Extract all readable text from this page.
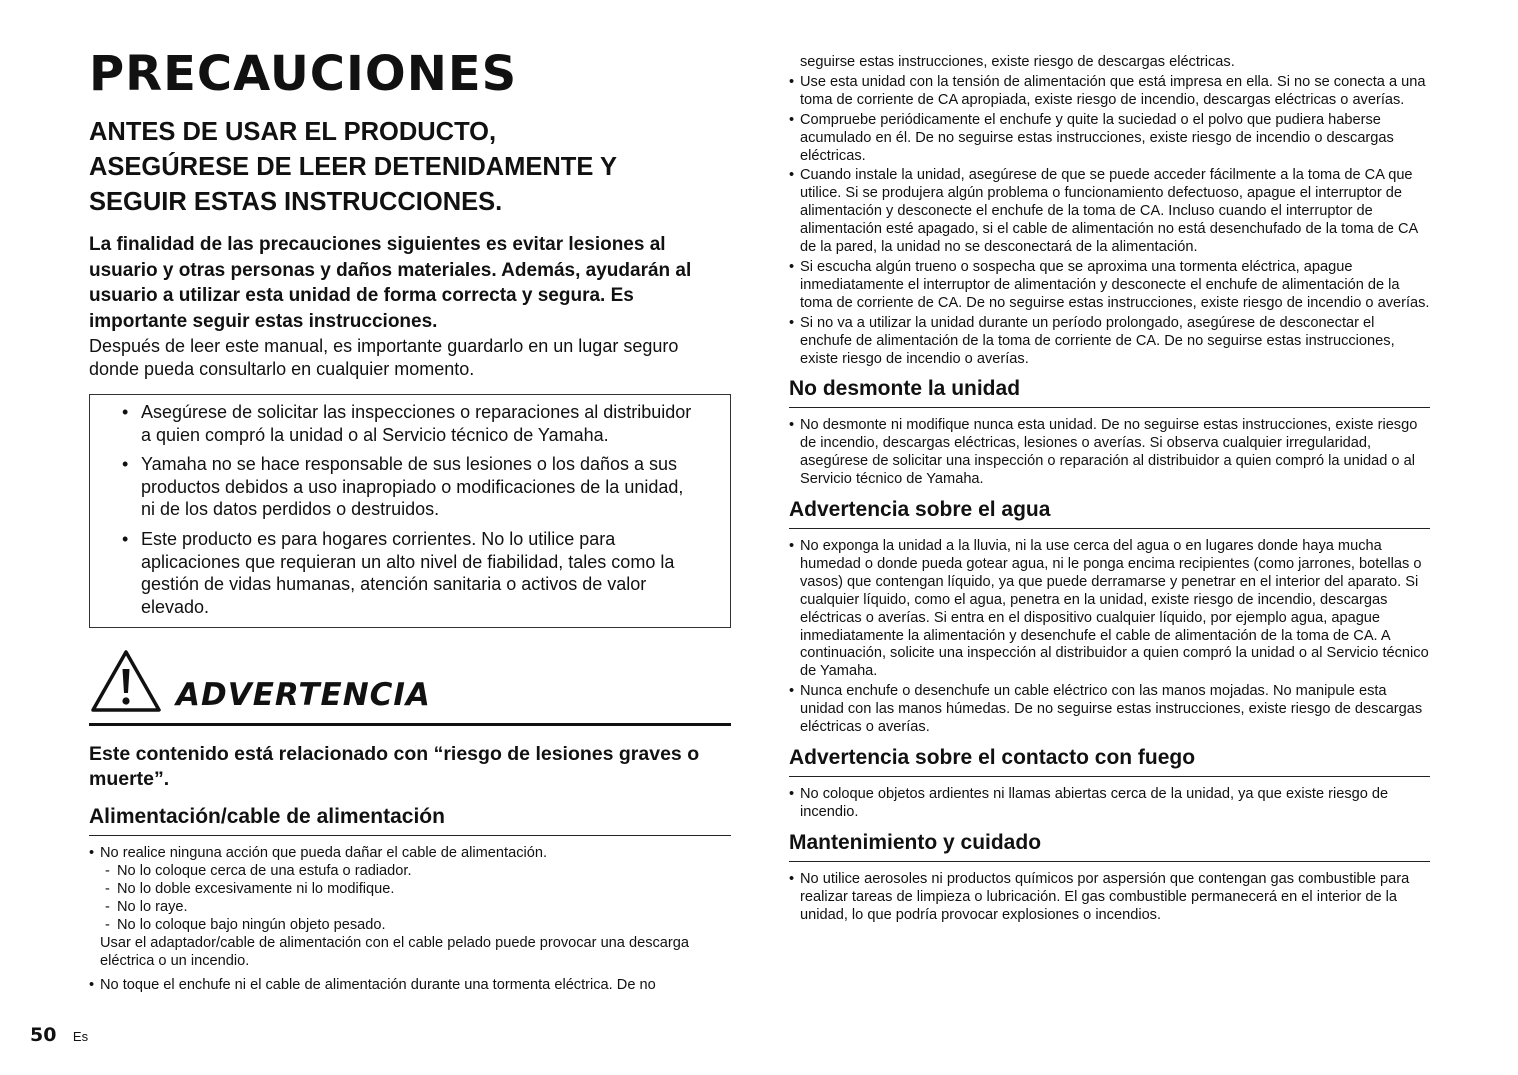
PRECAUCIONES
ANTES DE USAR EL PRODUCTO,
ASEGÚRESE DE LEER DETENIDAMENTE Y
SEGUIR ESTAS INSTRUCCIONES.

La finalidad de las precauciones siguientes es evitar lesiones al usuario y otras personas y daños materiales. Además, ayudarán al usuario a utilizar esta unidad de forma correcta y segura. Es importante seguir estas instrucciones.

Después de leer este manual, es importante guardarlo en un lugar seguro donde pueda consultarlo en cualquier momento.

• Asegúrese de solicitar las inspecciones o reparaciones al distribuidor a quien compró la unidad o al Servicio técnico de Yamaha.
• Yamaha no se hace responsable de sus lesiones o los daños a sus productos debidos a uso inapropiado o modificaciones de la unidad, ni de los datos perdidos o destruidos.
• Este producto es para hogares corrientes. No lo utilice para aplicaciones que requieran un alto nivel de fiabilidad, tales como la gestión de vidas humanas, atención sanitaria o activos de valor elevado.
ADVERTENCIA

Este contenido está relacionado con “riesgo de lesiones graves o muerte”.

Alimentación/cable de alimentación
• No realice ninguna acción que pueda dañar el cable de alimentación.
- No lo coloque cerca de una estufa o radiador.
- No lo doble excesivamente ni lo modifique.
- No lo raye.
- No lo coloque bajo ningún objeto pesado.
Usar el adaptador/cable de alimentación con el cable pelado puede provocar una descarga eléctrica o un incendio.
• No toque el enchufe ni el cable de alimentación durante una tormenta eléctrica. De no

seguirse estas instrucciones, existe riesgo de descargas eléctricas.

• Use esta unidad con la tensión de alimentación que está impresa en ella. Si no se conecta a una toma de corriente de CA apropiada, existe riesgo de incendio, descargas eléctricas o averías.
• Compruebe periódicamente el enchufe y quite la suciedad o el polvo que pudiera haberse acumulado en él. De no seguirse estas instrucciones, existe riesgo de incendio o descargas eléctricas.
• Cuando instale la unidad, asegúrese de que se puede acceder fácilmente a la toma de CA que utilice. Si se produjera algún problema o funcionamiento defectuoso, apague el interruptor de alimentación y desconecte el enchufe de la toma de CA. Incluso cuando el interruptor de alimentación esté apagado, si el cable de alimentación no está desenchufado de la toma de CA de la pared, la unidad no se desconectará de la alimentación.
• Si escucha algún trueno o sospecha que se aproxima una tormenta eléctrica, apague inmediatamente el interruptor de alimentación y desconecte el enchufe de alimentación de la toma de corriente de CA. De no seguirse estas instrucciones, existe riesgo de incendio o averías.
• Si no va a utilizar la unidad durante un período prolongado, asegúrese de desconectar el enchufe de alimentación de la toma de corriente de CA. De no seguirse estas instrucciones, existe riesgo de incendio o averías.
No desmonte la unidad
• No desmonte ni modifique nunca esta unidad. De no seguirse estas instrucciones, existe riesgo de incendio, descargas eléctricas, lesiones o averías. Si observa cualquier irregularidad, asegúrese de solicitar una inspección o reparación al distribuidor a quien compró la unidad o al Servicio técnico de Yamaha.
Advertencia sobre el agua
• No exponga la unidad a la lluvia, ni la use cerca del agua o en lugares donde haya mucha humedad o donde pueda gotear agua, ni le ponga encima recipientes (como jarrones, botellas o vasos) que contengan líquido, ya que puede derramarse y penetrar en el interior del aparato. Si cualquier líquido, como el agua, penetra en la unidad, existe riesgo de incendio, descargas eléctricas o averías. Si entra en el dispositivo cualquier líquido, por ejemplo agua, apague inmediatamente la alimentación y desenchufe el cable de alimentación de la toma de CA. A continuación, solicite una inspección al distribuidor a quien compró la unidad o al Servicio técnico de Yamaha.
• Nunca enchufe o desenchufe un cable eléctrico con las manos mojadas. No manipule esta unidad con las manos húmedas. De no seguirse estas instrucciones, existe riesgo de descargas eléctricas o averías.
Advertencia sobre el contacto con fuego
• No coloque objetos ardientes ni llamas abiertas cerca de la unidad, ya que existe riesgo de incendio.
Mantenimiento y cuidado
• No utilice aerosoles ni productos químicos por aspersión que contengan gas combustible para realizar tareas de limpieza o lubricación. El gas combustible permanecerá en el interior de la unidad, lo que podría provocar explosiones o incendios.
50 Es
